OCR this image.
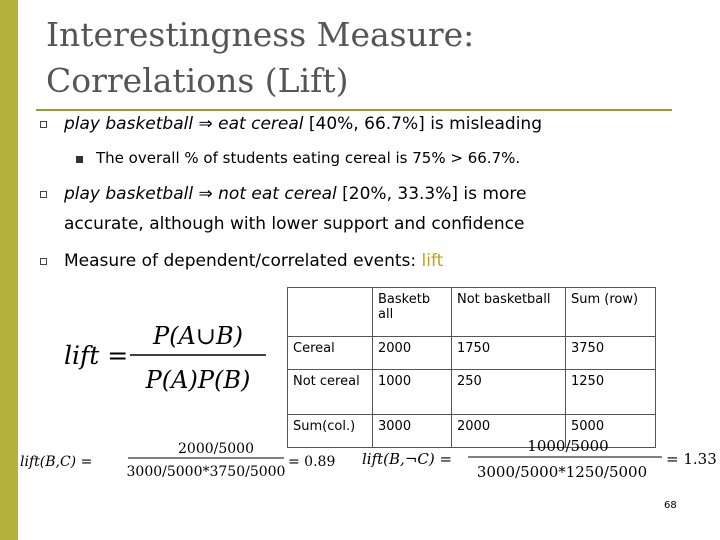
Interestingness Measure: Correlations (Lift)
play basketball ⇒ eat cereal [40%, 66.7%] is misleading
The overall % of students eating cereal is 75% > 66.7%.
play basketball ⇒ not eat cereal [20%, 33.3%] is more
accurate, although with lower support and confidence
Measure of dependent/correlated events: lift
	Basketb all	Not basketball	Sum (row)
Cereal	2000	1750	3750
Not cereal	1000	250	1250
Sum(col.)	3000	2000	5000
lift =
P(A∪B)
P(A)P(B)
lift(B,C) =
2000/5000
3000/5000*3750/5000
= 0.89 lift(B,¬C) =
1000/5000
3000/5000*1250/5000
= 1.33
68
